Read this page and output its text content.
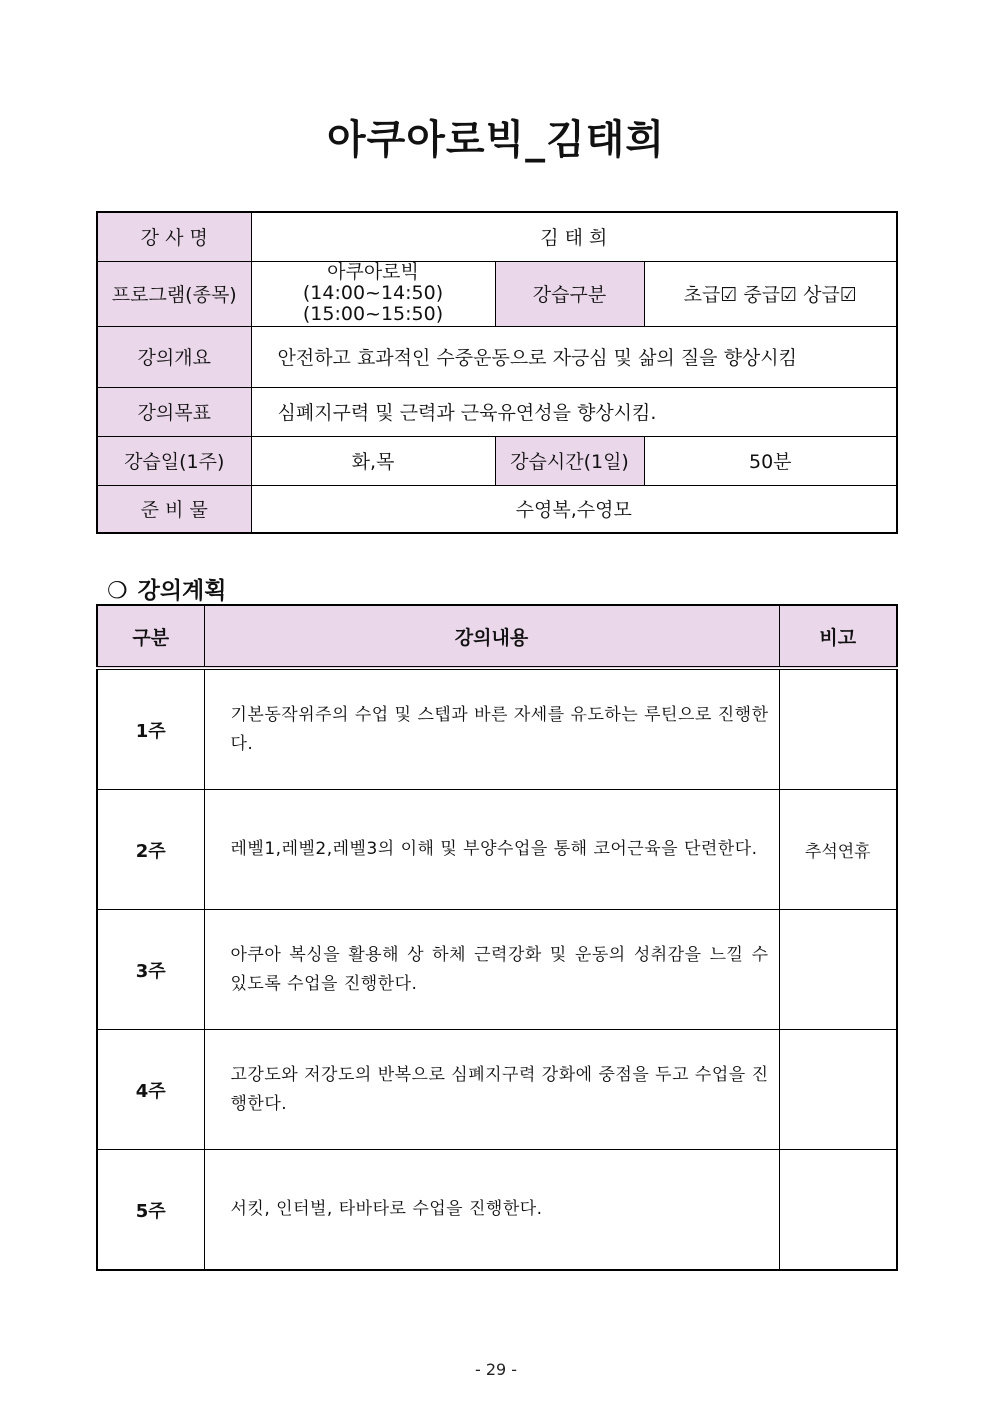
아쿠아로빅_김태희
강 사 명	김 태 희		
프로그램(종목)	아쿠아로빅
(14:00~14:50)
(15:00~15:50)	강습구분	초급☑ 중급☑ 상급☑
강의개요	안전하고 효과적인 수중운동으로 자긍심 및 삶의 질을 향상시킴		
강의목표	심폐지구력 및 근력과 근육유연성을 향상시킴.		
강습일(1주)	화,목	강습시간(1일)	50분
준 비 물	수영복,수영모		
❍ 강의계획
구분	강의내용	비고
1주	기본동작위주의 수업 및 스텝과 바른 자세를 유도하는 루틴으로 진행한다.	
2주	레벨1,레벨2,레벨3의 이해 및 부양수업을 통해 코어근육을 단련한다.	추석연휴
3주	아쿠아 복싱을 활용해 상 하체 근력강화 및 운동의 성취감을 느낄 수 있도록 수업을 진행한다.	
4주	고강도와 저강도의 반복으로 심폐지구력 강화에 중점을 두고 수업을 진행한다.	
5주	서킷, 인터벌, 타바타로 수업을 진행한다.	
- 29 -
